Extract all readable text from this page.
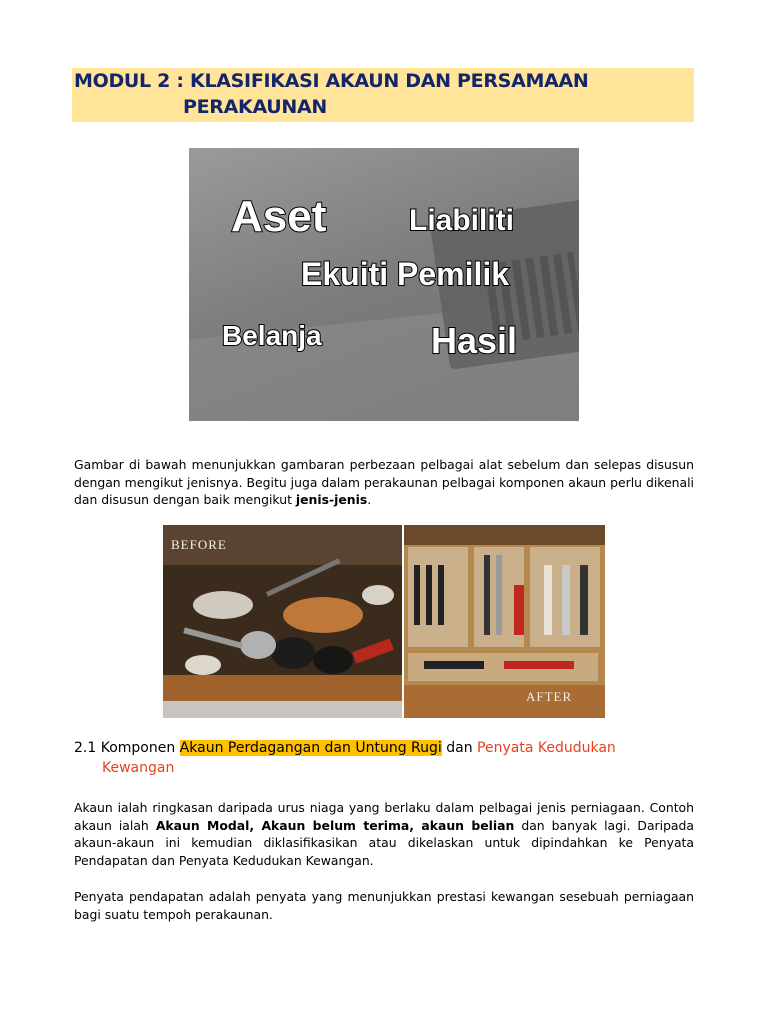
MODUL 2 : KLASIFIKASI AKAUN DAN PERSAMAAN
PERAKAUNAN
Aset	Liabiliti
Ekuiti Pemilik
Belanja	Hasil
Gambar di bawah menunjukkan gambaran perbezaan pelbagai alat sebelum dan selepas disusun dengan mengikut jenisnya. Begitu juga dalam perakaunan pelbagai komponen akaun perlu dikenali dan disusun dengan baik mengikut jenis-jenis.
BEFORE
AFTER
2.1 Komponen Akaun Perdagangan dan Untung Rugi dan Penyata Kedudukan
Kewangan
Akaun ialah ringkasan daripada urus niaga yang berlaku dalam pelbagai jenis perniagaan. Contoh akaun ialah Akaun Modal, Akaun belum terima, akaun belian dan banyak lagi. Daripada akaun-akaun ini kemudian diklasifikasikan atau dikelaskan untuk dipindahkan ke Penyata Pendapatan dan Penyata Kedudukan Kewangan.
Penyata pendapatan adalah penyata yang menunjukkan prestasi kewangan sesebuah perniagaan bagi suatu tempoh perakaunan.
